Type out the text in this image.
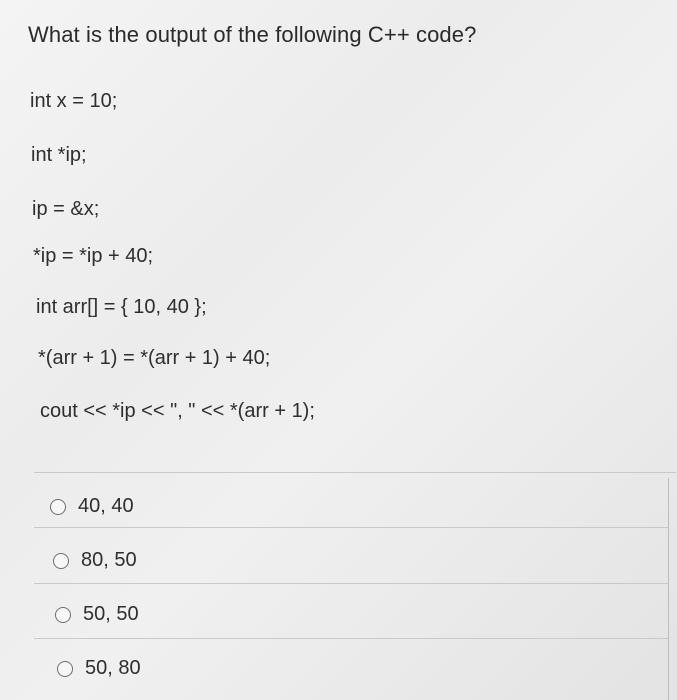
What is the output of the following C++ code?
int x = 10;
int *ip;
ip = &x;
*ip = *ip + 40;
int arr[] = { 10, 40 };
*(arr + 1) = *(arr + 1) + 40;
cout << *ip << ", " << *(arr + 1);
40, 40
80, 50
50, 50
50, 80
